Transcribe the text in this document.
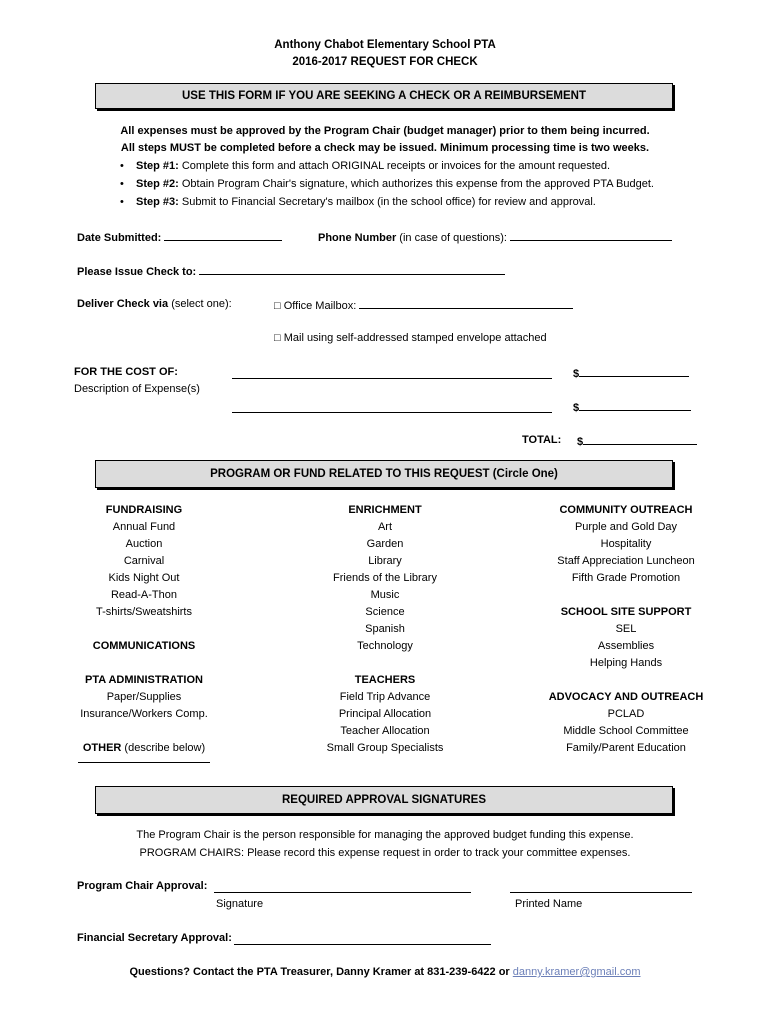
Anthony Chabot Elementary School PTA
2016-2017 REQUEST FOR CHECK
USE THIS FORM IF YOU ARE SEEKING A CHECK OR A REIMBURSEMENT
All expenses must be approved by the Program Chair (budget manager) prior to them being incurred.
All steps MUST be completed before a check may be issued. Minimum processing time is two weeks.
• Step #1: Complete this form and attach ORIGINAL receipts or invoices for the amount requested.
• Step #2: Obtain Program Chair's signature, which authorizes this expense from the approved PTA Budget.
• Step #3: Submit to Financial Secretary's mailbox (in the school office) for review and approval.
Date Submitted:	Phone Number (in case of questions):
Please Issue Check to:
Deliver Check via (select one):	□ Office Mailbox:
□ Mail using self-addressed stamped envelope attached
FOR THE COST OF:
Description of Expense(s)
$
$
TOTAL: $
PROGRAM OR FUND RELATED TO THIS REQUEST (Circle One)
FUNDRAISING
Annual Fund
Auction
Carnival
Kids Night Out
Read-A-Thon
T-shirts/Sweatshirts

COMMUNICATIONS

PTA ADMINISTRATION
Paper/Supplies
Insurance/Workers Comp.

OTHER (describe below)
ENRICHMENT
Art
Garden
Library
Friends of the Library
Music
Science
Spanish
Technology

TEACHERS
Field Trip Advance
Principal Allocation
Teacher Allocation
Small Group Specialists
COMMUNITY OUTREACH
Purple and Gold Day
Hospitality
Staff Appreciation Luncheon
Fifth Grade Promotion

SCHOOL SITE SUPPORT
SEL
Assemblies
Helping Hands

ADVOCACY AND OUTREACH
PCLAD
Middle School Committee
Family/Parent Education
REQUIRED APPROVAL SIGNATURES
The Program Chair is the person responsible for managing the approved budget funding this expense.
PROGRAM CHAIRS: Please record this expense request in order to track your committee expenses.
Program Chair Approval:
Signature	Printed Name
Financial Secretary Approval:
Questions? Contact the PTA Treasurer, Danny Kramer at 831-239-6422 or danny.kramer@gmail.com
